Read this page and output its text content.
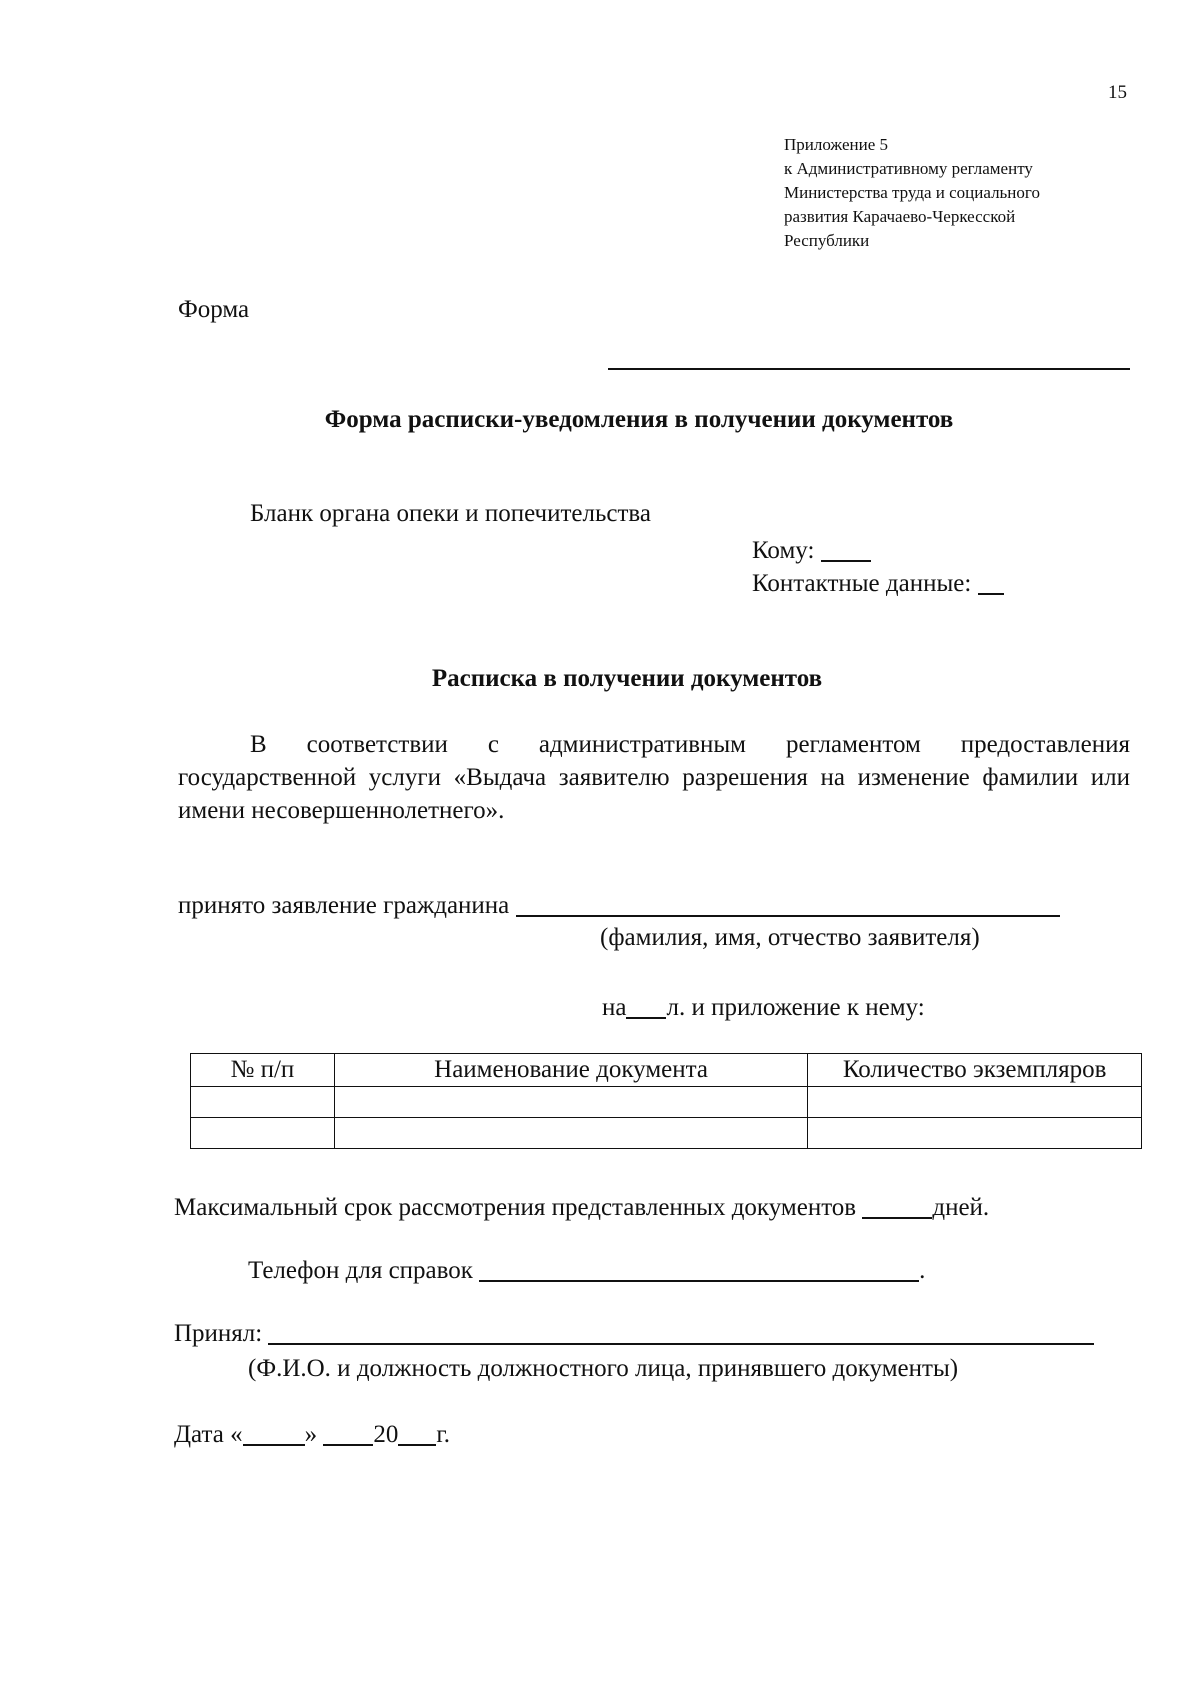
15
Приложение 5
к Административному регламенту
Министерства труда и социального
развития Карачаево-Черкесской
Республики
Форма
Форма расписки-уведомления в получении документов
Бланк органа опеки и попечительства
Кому:
Контактные данные:
Расписка в получении документов

В соответствии с административным регламентом предоставления государственной услуги «Выдача заявителю разрешения на изменение фамилии или имени несовершеннолетнего».

принято заявление гражданина
(фамилия, имя, отчество заявителя)
на л. и приложение к нему:
№ п/п	Наименование документа	Количество экземпляров

Максимальный срок рассмотрения представленных документов	дней.
Телефон для справок	.
Принял:
(Ф.И.О. и должность должностного лица, принявшего документы)
Дата « » 20 г.
